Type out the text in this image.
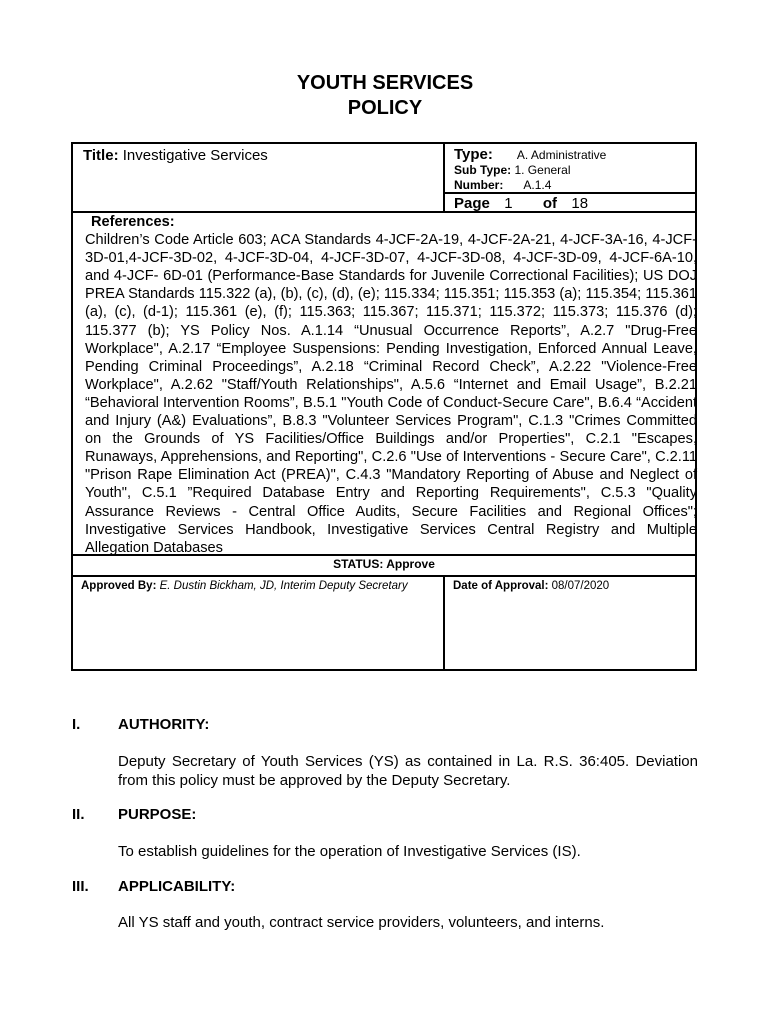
YOUTH SERVICES
POLICY
Title: Investigative Services	Type: A. Administrative
Sub Type: 1. General
Number: A.1.4
Page 1 of 18
References:
Children’s Code Article 603; ACA Standards 4-JCF-2A-19, 4-JCF-2A-21, 4-JCF-3A-16, 4-JCF-3D-01,4-JCF-3D-02, 4-JCF-3D-04, 4-JCF-3D-07, 4-JCF-3D-08, 4-JCF-3D-09, 4-JCF-6A-10, and 4-JCF- 6D-01 (Performance-Base Standards for Juvenile Correctional Facilities); US DOJ PREA Standards 115.322 (a), (b), (c), (d), (e); 115.334; 115.351; 115.353 (a); 115.354; 115.361 (a), (c), (d-1); 115.361 (e), (f); 115.363; 115.367; 115.371; 115.372; 115.373; 115.376 (d); 115.377 (b); YS Policy Nos. A.1.14 “Unusual Occurrence Reports”, A.2.7 "Drug-Free Workplace", A.2.17 “Employee Suspensions: Pending Investigation, Enforced Annual Leave, Pending Criminal Proceedings”, A.2.18 “Criminal Record Check”, A.2.22 "Violence-Free Workplace", A.2.62 "Staff/Youth Relationships", A.5.6 “Internet and Email Usage”, B.2.21 “Behavioral Intervention Rooms”, B.5.1 "Youth Code of Conduct-Secure Care", B.6.4 “Accident and Injury (A&) Evaluations”, B.8.3 "Volunteer Services Program", C.1.3 "Crimes Committed on the Grounds of YS Facilities/Office Buildings and/or Properties", C.2.1 "Escapes, Runaways, Apprehensions, and Reporting", C.2.6 "Use of Interventions - Secure Care", C.2.11 "Prison Rape Elimination Act (PREA)", C.4.3 "Mandatory Reporting of Abuse and Neglect of Youth", C.5.1 ”Required Database Entry and Reporting Requirements", C.5.3 "Quality Assurance Reviews - Central Office Audits, Secure Facilities and Regional Offices"; Investigative Services Handbook, Investigative Services Central Registry and Multiple Allegation Databases
STATUS: Approve
Approved By: E. Dustin Bickham, JD, Interim Deputy Secretary	Date of Approval: 08/07/2020
I.	AUTHORITY:
Deputy Secretary of Youth Services (YS) as contained in La. R.S. 36:405. Deviation from this policy must be approved by the Deputy Secretary.
II. PURPOSE:
To establish guidelines for the operation of Investigative Services (IS).
III. APPLICABILITY:
All YS staff and youth, contract service providers, volunteers, and interns.
